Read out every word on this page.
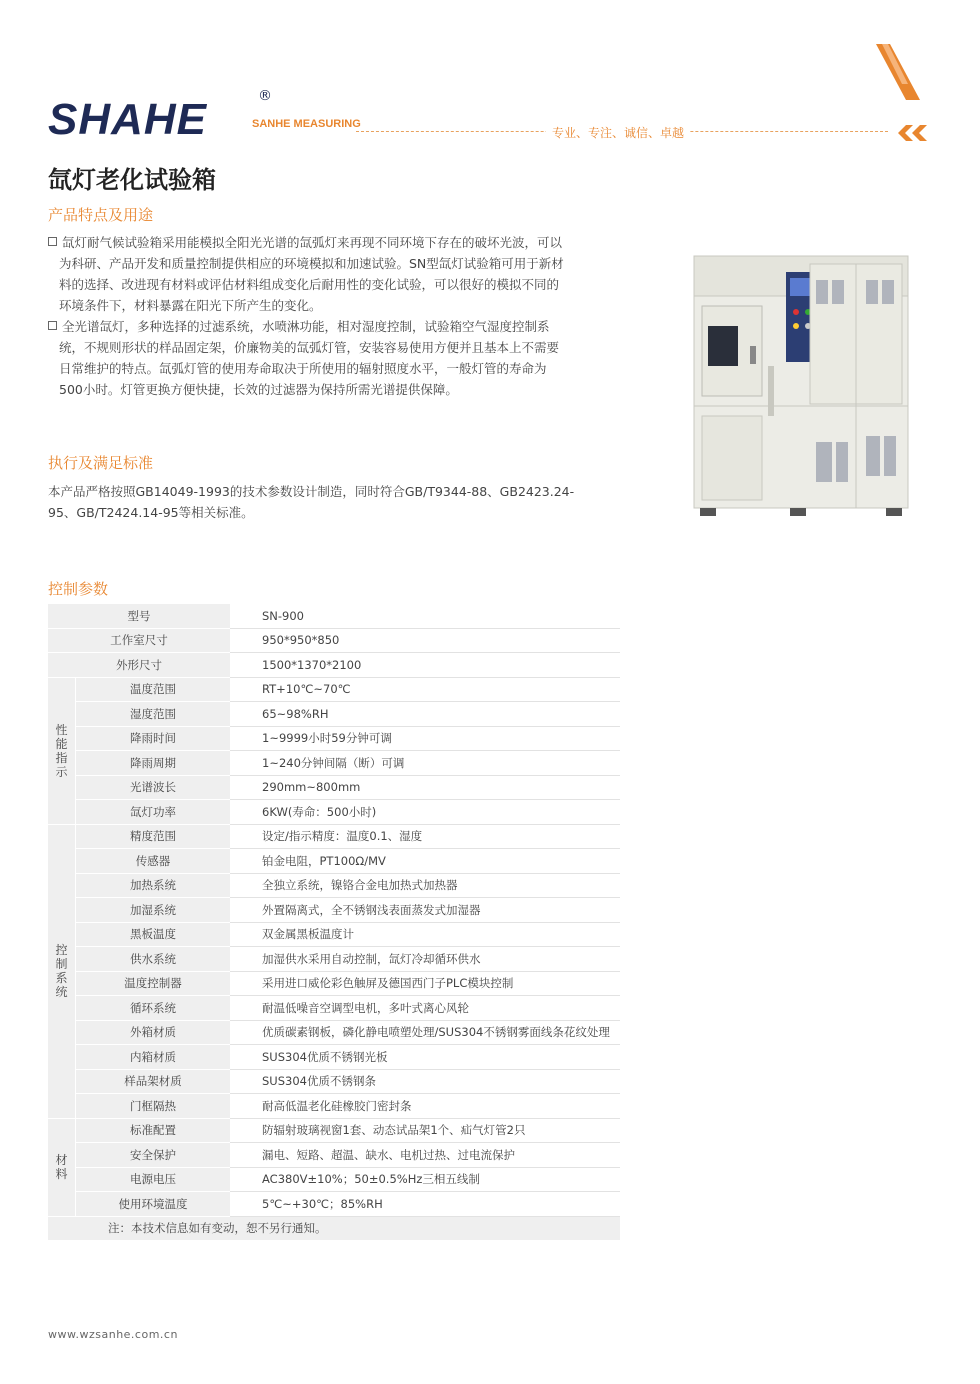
SHAHE	®
SANHE MEASURING
专业、专注、诚信、卓越
氙灯老化试验箱
产品特点及用途
氙灯耐气候试验箱采用能模拟全阳光光谱的氙弧灯来再现不同环境下存在的破坏光波，可以
为科研、产品开发和质量控制提供相应的环境模拟和加速试验。SN型氙灯试验箱可用于新材
料的选择、改进现有材料或评估材料组成变化后耐用性的变化试验，可以很好的模拟不同的
环境条件下，材料暴露在阳光下所产生的变化。
全光谱氙灯，多种选择的过滤系统，水喷淋功能，相对湿度控制，试验箱空气湿度控制系
统，不规则形状的样品固定架，价廉物美的氙弧灯管，安装容易使用方便并且基本上不需要
日常维护的特点。氙弧灯管的使用寿命取决于所使用的辐射照度水平，一般灯管的寿命为
500小时。灯管更换方便快捷，长效的过滤器为保持所需光谱提供保障。
执行及满足标准
本产品严格按照GB14049-1993的技术参数设计制造，同时符合GB/T9344-88、GB2423.24-
95、GB/T2424.14-95等相关标准。
控制参数
型号		SN-900
工作室尺寸		950*950*850
外形尺寸		1500*1370*2100

性
能
指
示	温度范围	RT+10℃~70℃
	湿度范围	65~98%RH
	降雨时间	1~9999小时59分钟可调
	降雨周期	1~240分钟间隔（断）可调
	光谱波长	290mm~800mm
	氙灯功率	6KW(寿命：500小时)

控
制
系
统	精度范围	设定/指示精度：温度0.1、湿度
	传感器	铂金电阻，PT100Ω/MV
	加热系统	全独立系统，镍铬合金电加热式加热器
	加湿系统	外置隔离式，全不锈钢浅表面蒸发式加湿器
	黑板温度	双金属黑板温度计
	供水系统	加湿供水采用自动控制，氙灯冷却循环供水
	温度控制器	采用进口威伦彩色触屏及德国西门子PLC模块控制
	循环系统	耐温低噪音空调型电机，多叶式离心风轮
	外箱材质	优质碳素钢板，磷化静电喷塑处理/SUS304不锈钢雾面线条花纹处理
	内箱材质	SUS304优质不锈钢光板
	样品架材质	SUS304优质不锈钢条
	门框隔热	耐高低温老化硅橡胶门密封条

材
料	标准配置	防辐射玻璃视窗1套、动态试品架1个、疝气灯管2只
	安全保护	漏电、短路、超温、缺水、电机过热、过电流保护
	电源电压	AC380V±10%；50±0.5%Hz三相五线制
	使用环境温度	5℃~+30℃；85%RH
注：本技术信息如有变动，恕不另行通知。		
www.wzsanhe.com.cn
